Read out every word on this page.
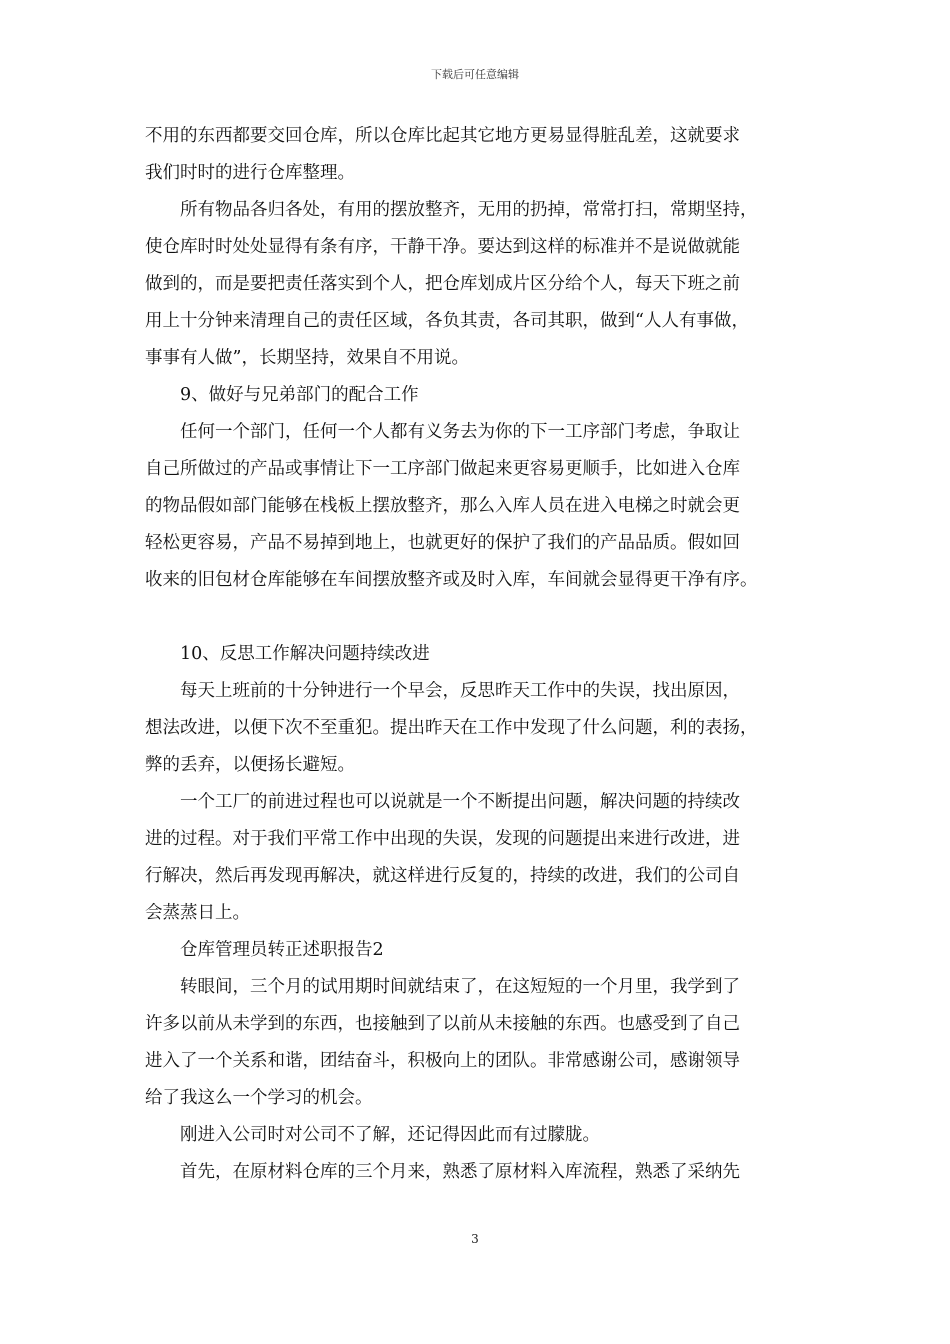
下载后可任意编辑
不用的东西都要交回仓库，所以仓库比起其它地方更易显得脏乱差，这就要求
我们时时的进行仓库整理。
所有物品各归各处，有用的摆放整齐，无用的扔掉，常常打扫，常期坚持，
使仓库时时处处显得有条有序，干静干净。要达到这样的标准并不是说做就能
做到的，而是要把责任落实到个人，把仓库划成片区分给个人，每天下班之前
用上十分钟来清理自己的责任区域，各负其责，各司其职，做到“人人有事做，
事事有人做”，长期坚持，效果自不用说。
9、做好与兄弟部门的配合工作
任何一个部门，任何一个人都有义务去为你的下一工序部门考虑，争取让
自己所做过的产品或事情让下一工序部门做起来更容易更顺手，比如进入仓库
的物品假如部门能够在栈板上摆放整齐，那么入库人员在进入电梯之时就会更
轻松更容易，产品不易掉到地上，也就更好的保护了我们的产品品质。假如回
收来的旧包材仓库能够在车间摆放整齐或及时入库，车间就会显得更干净有序。
10、反思工作解决问题持续改进
每天上班前的十分钟进行一个早会，反思昨天工作中的失误，找出原因，
想法改进，以便下次不至重犯。提出昨天在工作中发现了什么问题，利的表扬，
弊的丢弃，以便扬长避短。
一个工厂的前进过程也可以说就是一个不断提出问题，解决问题的持续改
进的过程。对于我们平常工作中出现的失误，发现的问题提出来进行改进，进
行解决，然后再发现再解决，就这样进行反复的，持续的改进，我们的公司自
会蒸蒸日上。
仓库管理员转正述职报告2
转眼间，三个月的试用期时间就结束了，在这短短的一个月里，我学到了
许多以前从未学到的东西，也接触到了以前从未接触的东西。也感受到了自己
进入了一个关系和谐，团结奋斗，积极向上的团队。非常感谢公司，感谢领导
给了我这么一个学习的机会。
刚进入公司时对公司不了解，还记得因此而有过朦胧。
首先，在原材料仓库的三个月来，熟悉了原材料入库流程，熟悉了采纳先
3
